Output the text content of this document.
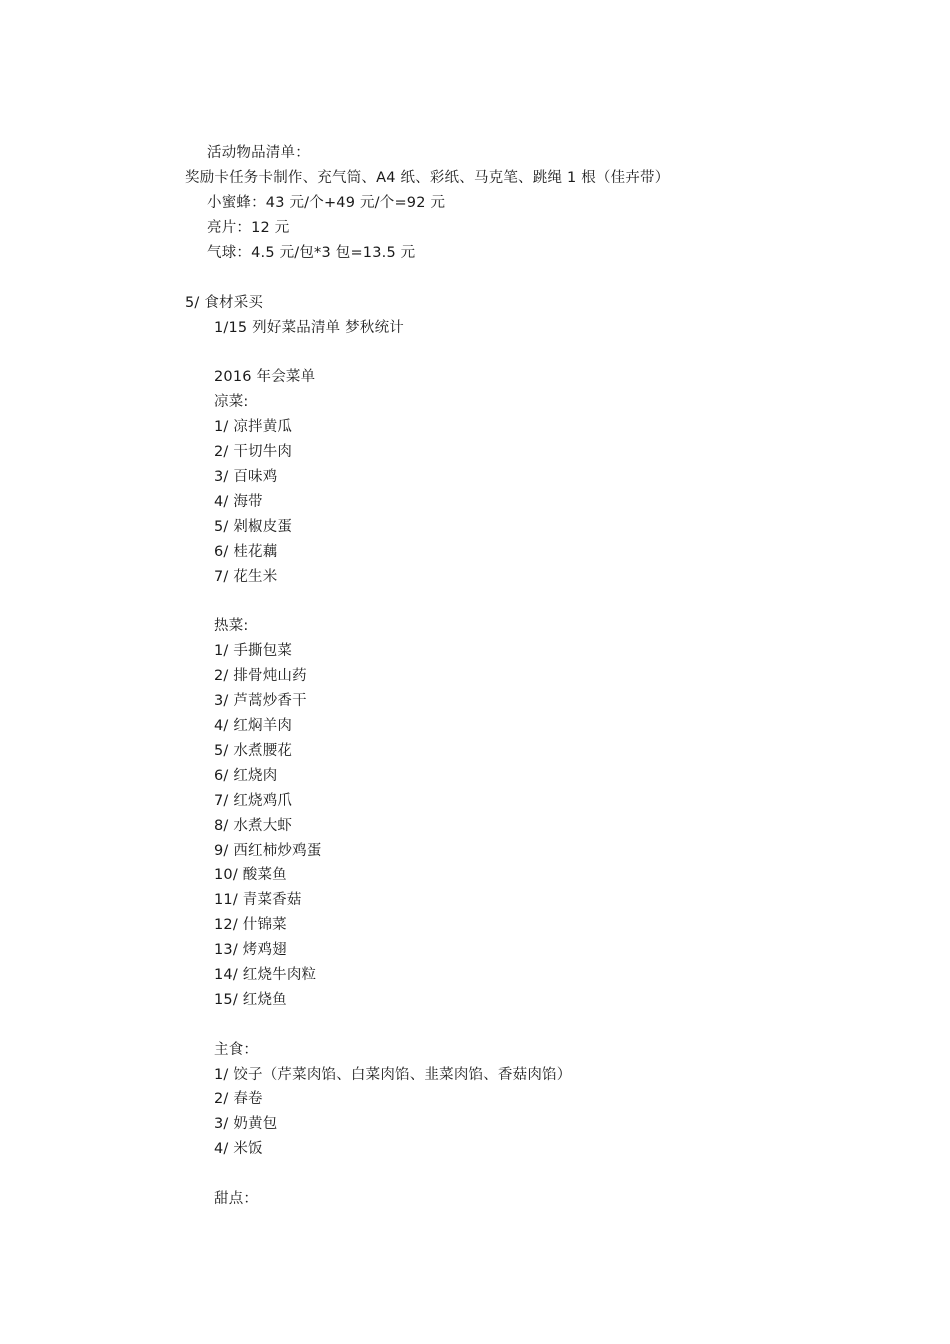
活动物品清单：
奖励卡任务卡制作、充气筒、A4 纸、彩纸、马克笔、跳绳 1 根（佳卉带）
小蜜蜂：43 元/个+49 元/个=92 元
亮片：12 元
气球：4.5 元/包*3 包=13.5 元
5/ 食材采买
1/15 列好菜品清单 梦秋统计
2016 年会菜单
凉菜:
1/ 凉拌黄瓜
2/ 干切牛肉
3/ 百味鸡
4/ 海带
5/ 剁椒皮蛋
6/ 桂花藕
7/ 花生米
热菜:
1/ 手撕包菜
2/ 排骨炖山药
3/ 芦蒿炒香干
4/ 红焖羊肉
5/ 水煮腰花
6/ 红烧肉
7/ 红烧鸡爪
8/ 水煮大虾
9/ 西红柿炒鸡蛋
10/ 酸菜鱼
11/ 青菜香菇
12/ 什锦菜
13/ 烤鸡翅
14/ 红烧牛肉粒
15/ 红烧鱼
主食：
1/ 饺子（芹菜肉馅、白菜肉馅、韭菜肉馅、香菇肉馅）
2/ 春卷
3/ 奶黄包
4/ 米饭
甜点：
